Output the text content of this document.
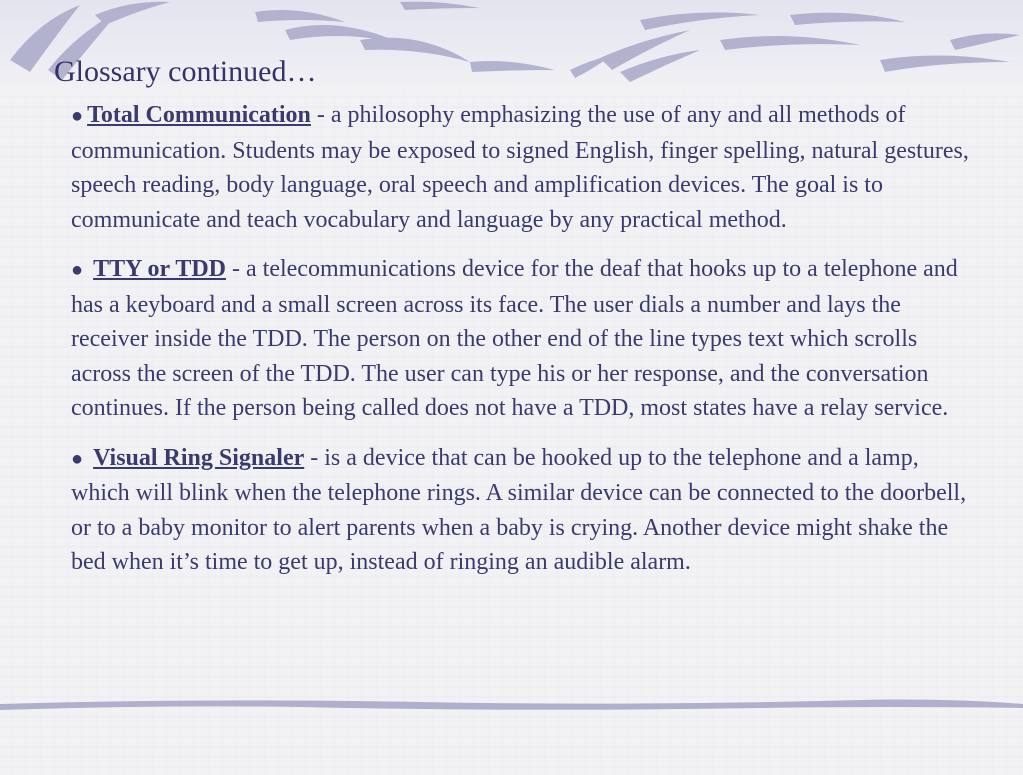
Glossary continued…

● Total Communication - a philosophy emphasizing the use of any and all methods of communication. Students may be exposed to signed English, finger spelling, natural gestures, speech reading, body language, oral speech and amplification devices. The goal is to communicate and teach vocabulary and language by any practical method.

● TTY or TDD - a telecommunications device for the deaf that hooks up to a telephone and has a keyboard and a small screen across its face. The user dials a number and lays the receiver inside the TDD. The person on the other end of the line types text which scrolls across the screen of the TDD. The user can type his or her response, and the conversation continues. If the person being called does not have a TDD, most states have a relay service.

● Visual Ring Signaler - is a device that can be hooked up to the telephone and a lamp, which will blink when the telephone rings. A similar device can be connected to the doorbell, or to a baby monitor to alert parents when a baby is crying. Another device might shake the bed when it’s time to get up, instead of ringing an audible alarm.
